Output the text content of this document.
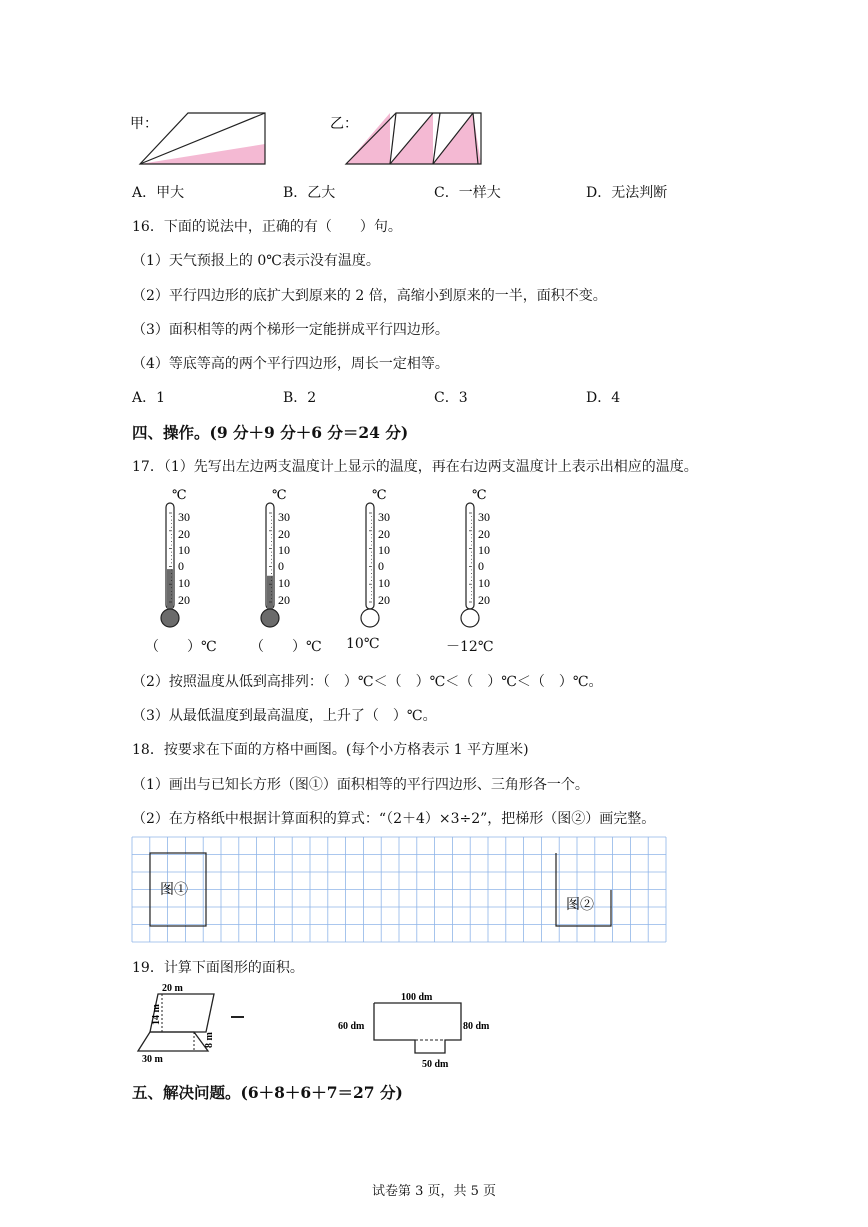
甲：	乙：
A．甲大	B．乙大	C．一样大	D．无法判断
16．下面的说法中，正确的有（　　）句。
（1）天气预报上的 0℃表示没有温度。
（2）平行四边形的底扩大到原来的 2 倍，高缩小到原来的一半，面积不变。
（3）面积相等的两个梯形一定能拼成平行四边形。
（4）等底等高的两个平行四边形，周长一定相等。
A．1	B．2	C．3	D．4
四、操作。(9 分＋9 分＋6 分＝24 分)
17．（1）先写出左边两支温度计上显示的温度，再在右边两支温度计上表示出相应的温度。
℃
30
20
10
0
10
20
℃
30
20
10
0
10
20
℃
30
20
10
0
10
20
℃
30
20
10
0
10
20
（　　）℃ （　　）℃ 10℃	－12℃
（2）按照温度从低到高排列：（　）℃＜（　）℃＜（　）℃＜（　）℃。
（3）从最低温度到最高温度，上升了（　）℃。
18．按要求在下面的方格中画图。(每个小方格表示 1 平方厘米)
（1）画出与已知长方形（图①）面积相等的平行四边形、三角形各一个。
（2）在方格纸中根据计算面积的算式：“（2＋4）×3÷2”，把梯形（图②）画完整。
图①
图②
19．计算下面图形的面积。
20 m
14 m
8 m
30 m
100 dm
60 dm	80 dm
50 dm
五、解决问题。(6＋8＋6＋7＝27 分)
试卷第 3 页，共 5 页
